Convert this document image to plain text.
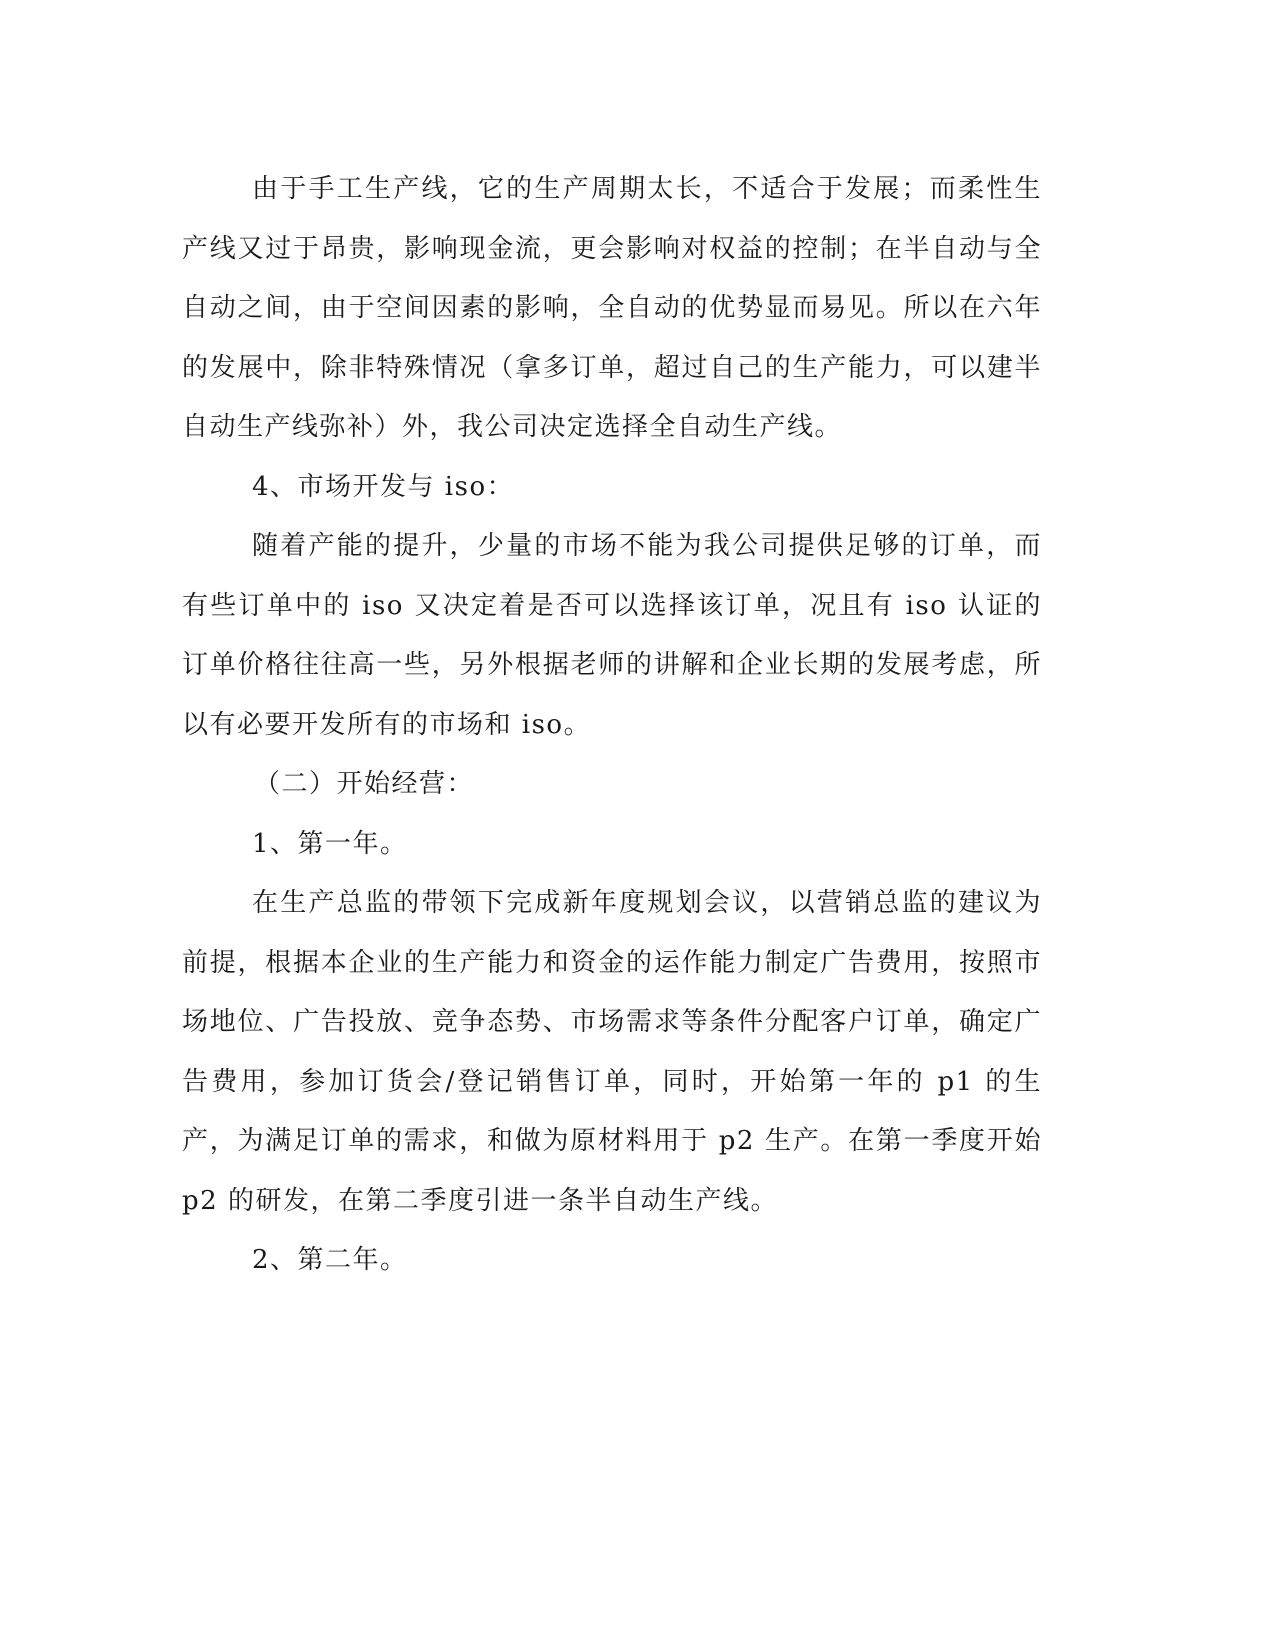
由于手工生产线，它的生产周期太长，不适合于发展；而柔性生产线又过于昂贵，影响现金流，更会影响对权益的控制；在半自动与全自动之间，由于空间因素的影响，全自动的优势显而易见。所以在六年的发展中，除非特殊情况（拿多订单，超过自己的生产能力，可以建半自动生产线弥补）外，我公司决定选择全自动生产线。

4、市场开发与 iso：

随着产能的提升，少量的市场不能为我公司提供足够的订单，而有些订单中的 iso 又决定着是否可以选择该订单，况且有 iso 认证的订单价格往往高一些，另外根据老师的讲解和企业长期的发展考虑，所以有必要开发所有的市场和 iso。

（二）开始经营：

1、第一年。

在生产总监的带领下完成新年度规划会议，以营销总监的建议为前提，根据本企业的生产能力和资金的运作能力制定广告费用，按照市场地位、广告投放、竞争态势、市场需求等条件分配客户订单，确定广告费用，参加订货会/登记销售订单，同时，开始第一年的 p1 的生产，为满足订单的需求，和做为原材料用于 p2 生产。在第一季度开始 p2 的研发，在第二季度引进一条半自动生产线。

2、第二年。
